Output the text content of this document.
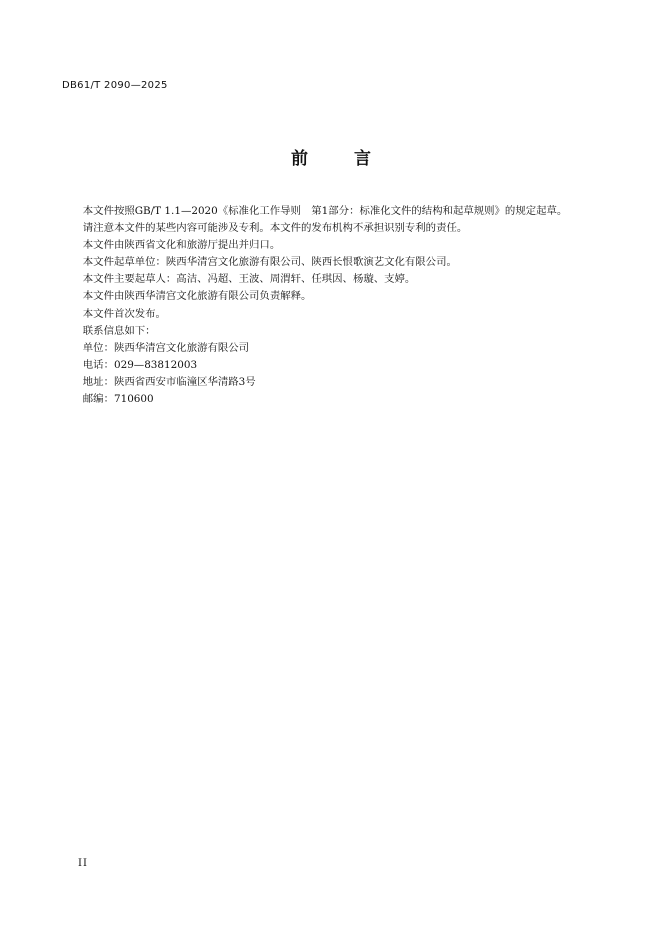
DB61/T 2090—2025
前	言

本文件按照GB/T 1.1—2020《标准化工作导则　第1部分：标准化文件的结构和起草规则》的规定起草。

请注意本文件的某些内容可能涉及专利。本文件的发布机构不承担识别专利的责任。

本文件由陕西省文化和旅游厅提出并归口。

本文件起草单位：陕西华清宫文化旅游有限公司、陕西长恨歌演艺文化有限公司。

本文件主要起草人：高洁、冯超、王波、周渭轩、任琪因、杨璇、支婷。

本文件由陕西华清宫文化旅游有限公司负责解释。

本文件首次发布。

联系信息如下：

单位：陕西华清宫文化旅游有限公司

电话：029—83812003

地址：陕西省西安市临潼区华清路3号

邮编：710600

II
